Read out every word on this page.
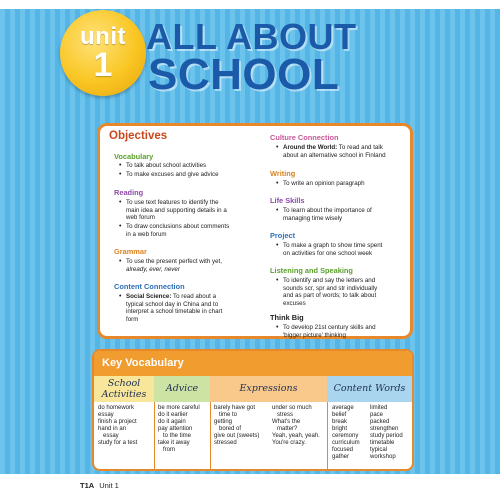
unit
1
ALL ABOUT
SCHOOL
Objectives
Vocabulary
• To talk about school activities
• To make excuses and give advice
Reading
• To use text features to identify the
main idea and supporting details in a
web forum
• To draw conclusions about comments
in a web forum
Grammar
• To use the present perfect with yet,
already, ever, never
Content Connection
• Social Science: To read about a
typical school day in China and to
interpret a school timetable in chart
form
Culture Connection
• Around the World: To read and talk
about an alternative school in Finland
Writing
• To write an opinion paragraph
Life Skills
• To learn about the importance of
managing time wisely
Project
• To make a graph to show time spent
on activities for one school week
Listening and Speaking
• To identify and say the letters and
sounds scr, spr and str individually
and as part of words; to talk about
excuses
Think Big
• To develop 21st century skills and
'bigger picture' thinking
Key Vocabulary
School
Activities
Advice	Expressions	Content Words
do homework
essay
finish a project
hand in an
essay
study for a test
be more careful
do it earlier
do it again
pay attention
to the time
take it away
from
barely have got
time to
getting
bored of
give out (sweets)
stressed
under so much
stress
What's the
matter?
Yeah, yeah, yeah.
You're crazy.
average
belief
break
bright
ceremony
curriculum
focused
gather
limited
pace
packed
strengthen
study period
timetable
typical
workshop
T1A Unit 1
